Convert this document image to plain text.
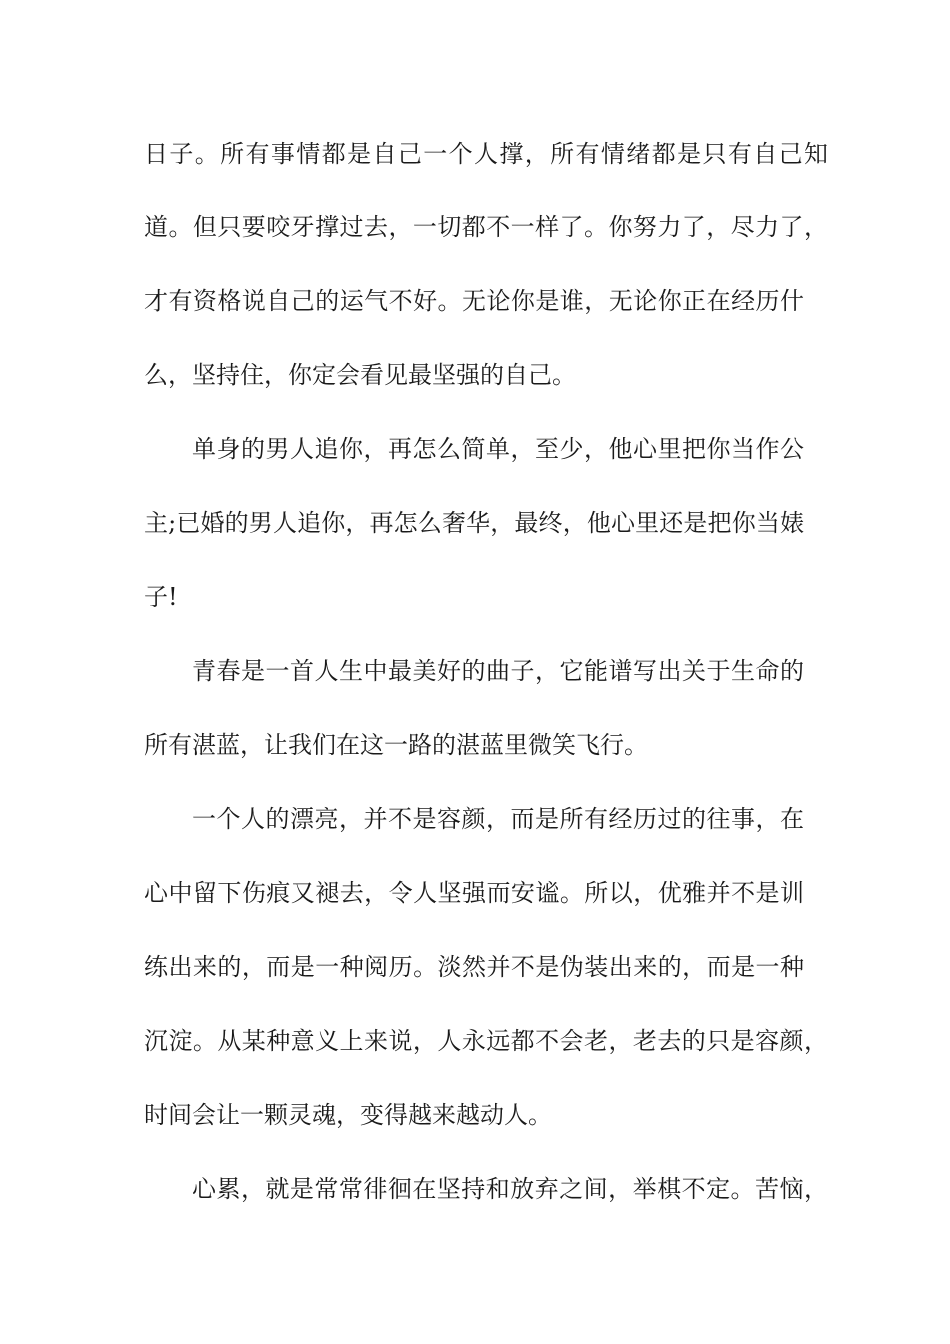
日子。所有事情都是自己一个人撑，所有情绪都是只有自己知
道。但只要咬牙撑过去，一切都不一样了。你努力了，尽力了，
才有资格说自己的运气不好。无论你是谁，无论你正在经历什
么，坚持住，你定会看见最坚强的自己。
单身的男人追你，再怎么简单，至少，他心里把你当作公
主;已婚的男人追你，再怎么奢华，最终，他心里还是把你当婊
子!
青春是一首人生中最美好的曲子，它能谱写出关于生命的
所有湛蓝，让我们在这一路的湛蓝里微笑飞行。
一个人的漂亮，并不是容颜，而是所有经历过的往事，在
心中留下伤痕又褪去，令人坚强而安谧。所以，优雅并不是训
练出来的，而是一种阅历。淡然并不是伪装出来的，而是一种
沉淀。从某种意义上来说，人永远都不会老，老去的只是容颜，
时间会让一颗灵魂，变得越来越动人。
心累，就是常常徘徊在坚持和放弃之间，举棋不定。苦恼，
